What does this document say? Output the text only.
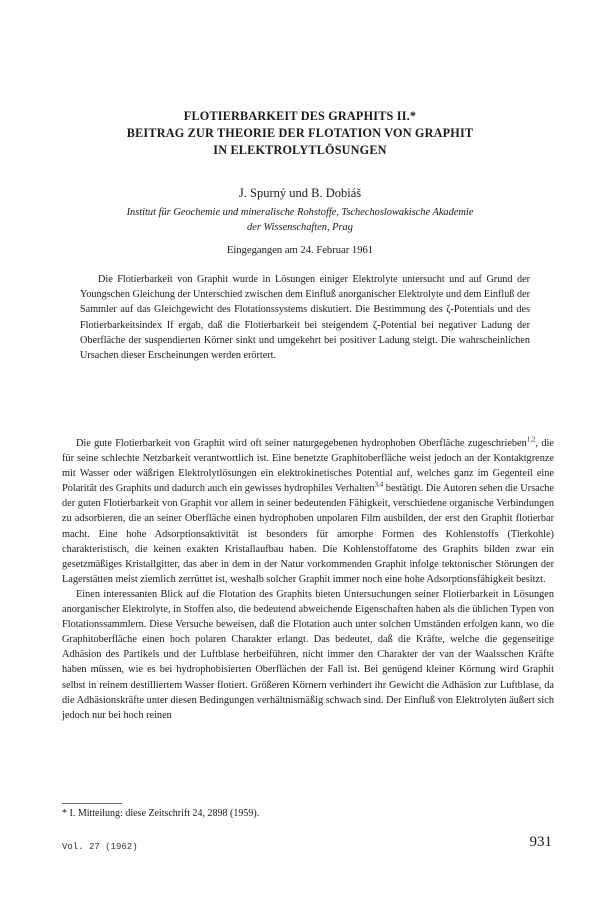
FLOTIERBARKEIT DES GRAPHITS II.*
BEITRAG ZUR THEORIE DER FLOTATION VON GRAPHIT
IN ELEKTROLYTLÖSUNGEN
J. Spurný und B. Dobiáš
Institut für Geochemie und mineralische Rohstoffe, Tschechoslowakische Akademie
der Wissenschaften, Prag
Eingegangen am 24. Februar 1961

Die Flotierbarkeit von Graphit wurde in Lösungen einiger Elektrolyte untersucht und auf Grund der Youngschen Gleichung der Unterschied zwischen dem Einfluß anorganischer Elektrolyte und dem Einfluß der Sammler auf das Gleichgewicht des Flotationssystems diskutiert. Die Bestimmung des ζ-Potentials und des Flotierbarkeitsindex If ergab, daß die Flotierbarkeit bei steigendem ζ-Potential bei negativer Ladung der Oberfläche der suspendierten Körner sinkt und umgekehrt bei positiver Ladung steigt. Die wahrscheinlichen Ursachen dieser Erscheinungen werden erörtert.

Die gute Flotierbarkeit von Graphit wird oft seiner naturgegebenen hydrophoben Oberfläche zugeschrieben$^{1,2}$, die für seine schlechte Netzbarkeit verantwortlich ist. Eine benetzte Graphitoberfläche weist jedoch an der Kontaktgrenze mit Wasser oder wäßrigen Elektrolytlösungen ein elektrokinetisches Potential auf, welches ganz im Gegenteil eine Polarität des Graphits und dadurch auch ein gewisses hydrophiles Verhalten$^{3,4}$ bestätigt. Die Autoren sehen die Ursache der guten Flotierbarkeit von Graphit vor allem in seiner bedeutenden Fähigkeit, verschiedene organische Verbindungen zu adsorbieren, die an seiner Oberfläche einen hydrophoben unpolaren Film ausbilden, der erst den Graphit flotierbar macht. Eine hohe Adsorptionsaktivität ist besonders für amorphe Formen des Kohlenstoffs (Tierkohle) charakteristisch, die keinen exakten Kristallaufbau haben. Die Kohlenstoffatome des Graphits bilden zwar ein gesetzmäßiges Kristallgitter, das aber in dem in der Natur vorkommenden Graphit infolge tektonischer Störungen der Lagerstätten meist ziemlich zerrüttet ist, weshalb solcher Graphit immer noch eine hohe Adsorptionsfähigkeit besitzt.

Einen interessanten Blick auf die Flotation des Graphits bieten Untersuchungen seiner Flotierbarkeit in Lösungen anorganischer Elektrolyte, in Stoffen also, die bedeutend abweichende Eigenschaften haben als die üblichen Typen von Flotationssammlern. Diese Versuche beweisen, daß die Flotation auch unter solchen Umständen erfolgen kann, wo die Graphitoberfläche einen hoch polaren Charakter erlangt. Das bedeutet, daß die Kräfte, welche die gegenseitige Adhäsion des Partikels und der Luftblase herbeiführen, nicht immer den Charakter der van der Waalsschen Kräfte haben müssen, wie es bei hydrophobisierten Oberflächen der Fall ist. Bei genügend kleiner Körnung wird Graphit selbst in reinem destilliertem Wasser flotiert. Größeren Körnern verhindert ihr Gewicht die Adhäsion zur Luftblase, da die Adhäsionskräfte unter diesen Bedingungen verhältnismäßig schwach sind. Der Einfluß von Elektrolyten äußert sich jedoch nur bei hoch reinen

* I. Mitteilung: diese Zeitschrift 24, 2898 (1959).
Vol. 27 (1962)	931
